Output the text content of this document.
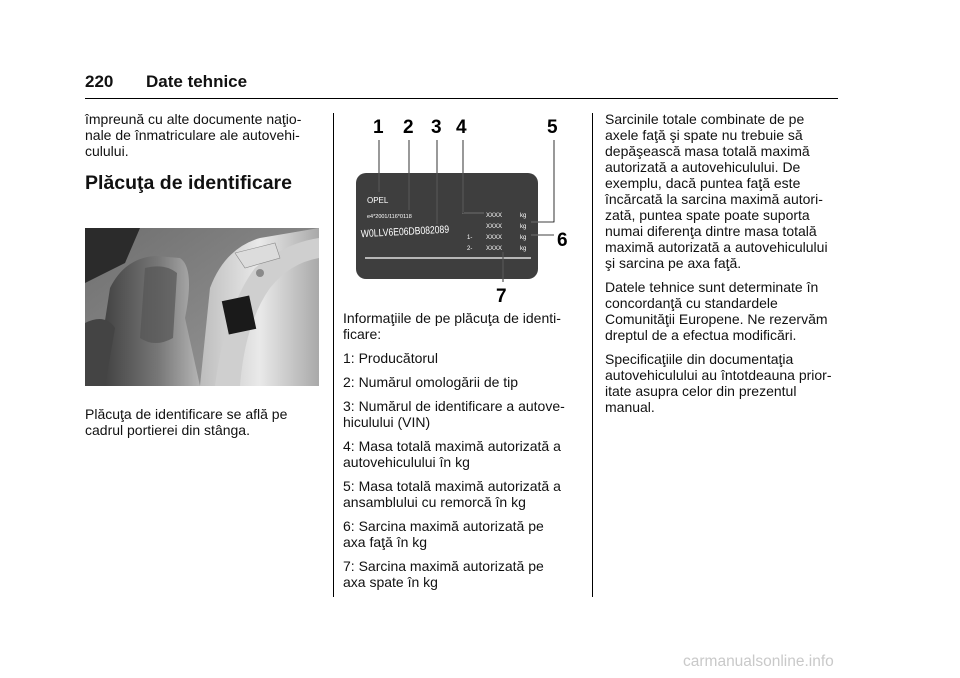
220 Date tehnice

împreună cu alte documente naţio-
nale de înmatriculare ale autovehi-
culului.

Plăcuţa de identificare
Plăcuţa de identificare se află pe
cadrul portierei din stânga.
OPEL
e4*2001/116*0118
W0LLV6E06DB082089
XXXX	kg
XXXX	kg
1- XXXX	kg
2- XXXX	kg
1 2 3 4	5
6
7

Informaţiile de pe plăcuţa de identi-
ficare:

1: Producătorul

2: Numărul omologării de tip

3: Numărul de identificare a autove-
hiculului (VIN)

4: Masa totală maximă autorizată a
autovehiculului în kg

5: Masa totală maximă autorizată a
ansamblului cu remorcă în kg

6: Sarcina maximă autorizată pe
axa faţă în kg

7: Sarcina maximă autorizată pe
axa spate în kg

Sarcinile totale combinate de pe
axele faţă şi spate nu trebuie să
depăşească masa totală maximă
autorizată a autovehiculului. De
exemplu, dacă puntea faţă este
încărcată la sarcina maximă autori-
zată, puntea spate poate suporta
numai diferenţa dintre masa totală
maximă autorizată a autovehiculului
şi sarcina pe axa faţă.

Datele tehnice sunt determinate în
concordanţă cu standardele
Comunităţii Europene. Ne rezervăm
dreptul de a efectua modificări.

Specificaţiile din documentaţia
autovehiculului au întotdeauna prior-
itate asupra celor din prezentul
manual.

carmanualsonline.info
